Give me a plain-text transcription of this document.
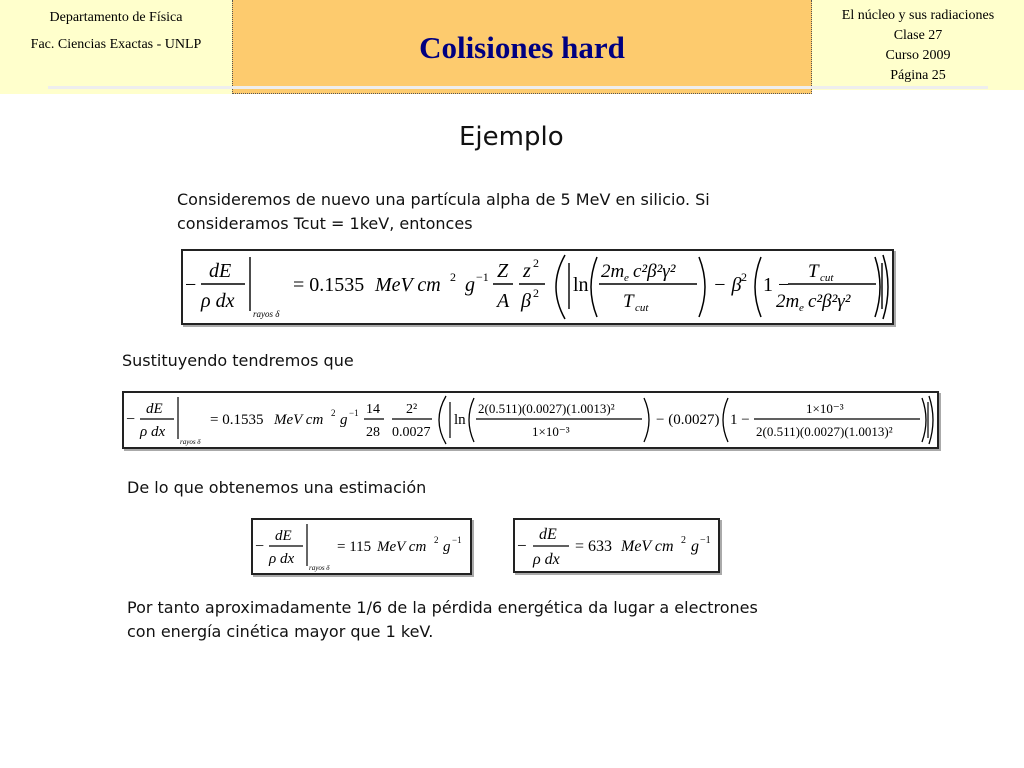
Departamento de Física
Fac. Ciencias Exactas - UNLP	Colisiones hard
El núcleo y sus radiaciones
Clase 27
Curso 2009
Página 25
Ejemplo
Consideremos de nuevo una partícula alpha de 5 MeV en silicio. Si
consideramos Tcut = 1keV, entonces
−
dE
ρ dx
rayos δ
= 0.1535 MeV cm 2 g −1 Z
A
z 2
β 2 ln
2m e c²β²γ²
T cut
− β 2 1 −
T cut
2m e c²β²γ²
Sustituyendo tendremos que
−
dE
ρ dx
rayos δ
= 0.1535 MeV cm 2 g −1 14
28
2²
0.0027
ln
2(0.511)(0.0027)(1.0013)²
1×10⁻³
− (0.0027) 1 −
1×10⁻³
2(0.511)(0.0027)(1.0013)²
De lo que obtenemos una estimación
−
dE
ρ dx
rayos δ
= 115 MeV cm 2 g −1	−
dE
ρ dx
= 633 MeV cm 2 g −1
Por tanto aproximadamente 1/6 de la pérdida energética da lugar a electrones
con energía cinética mayor que 1 keV.
